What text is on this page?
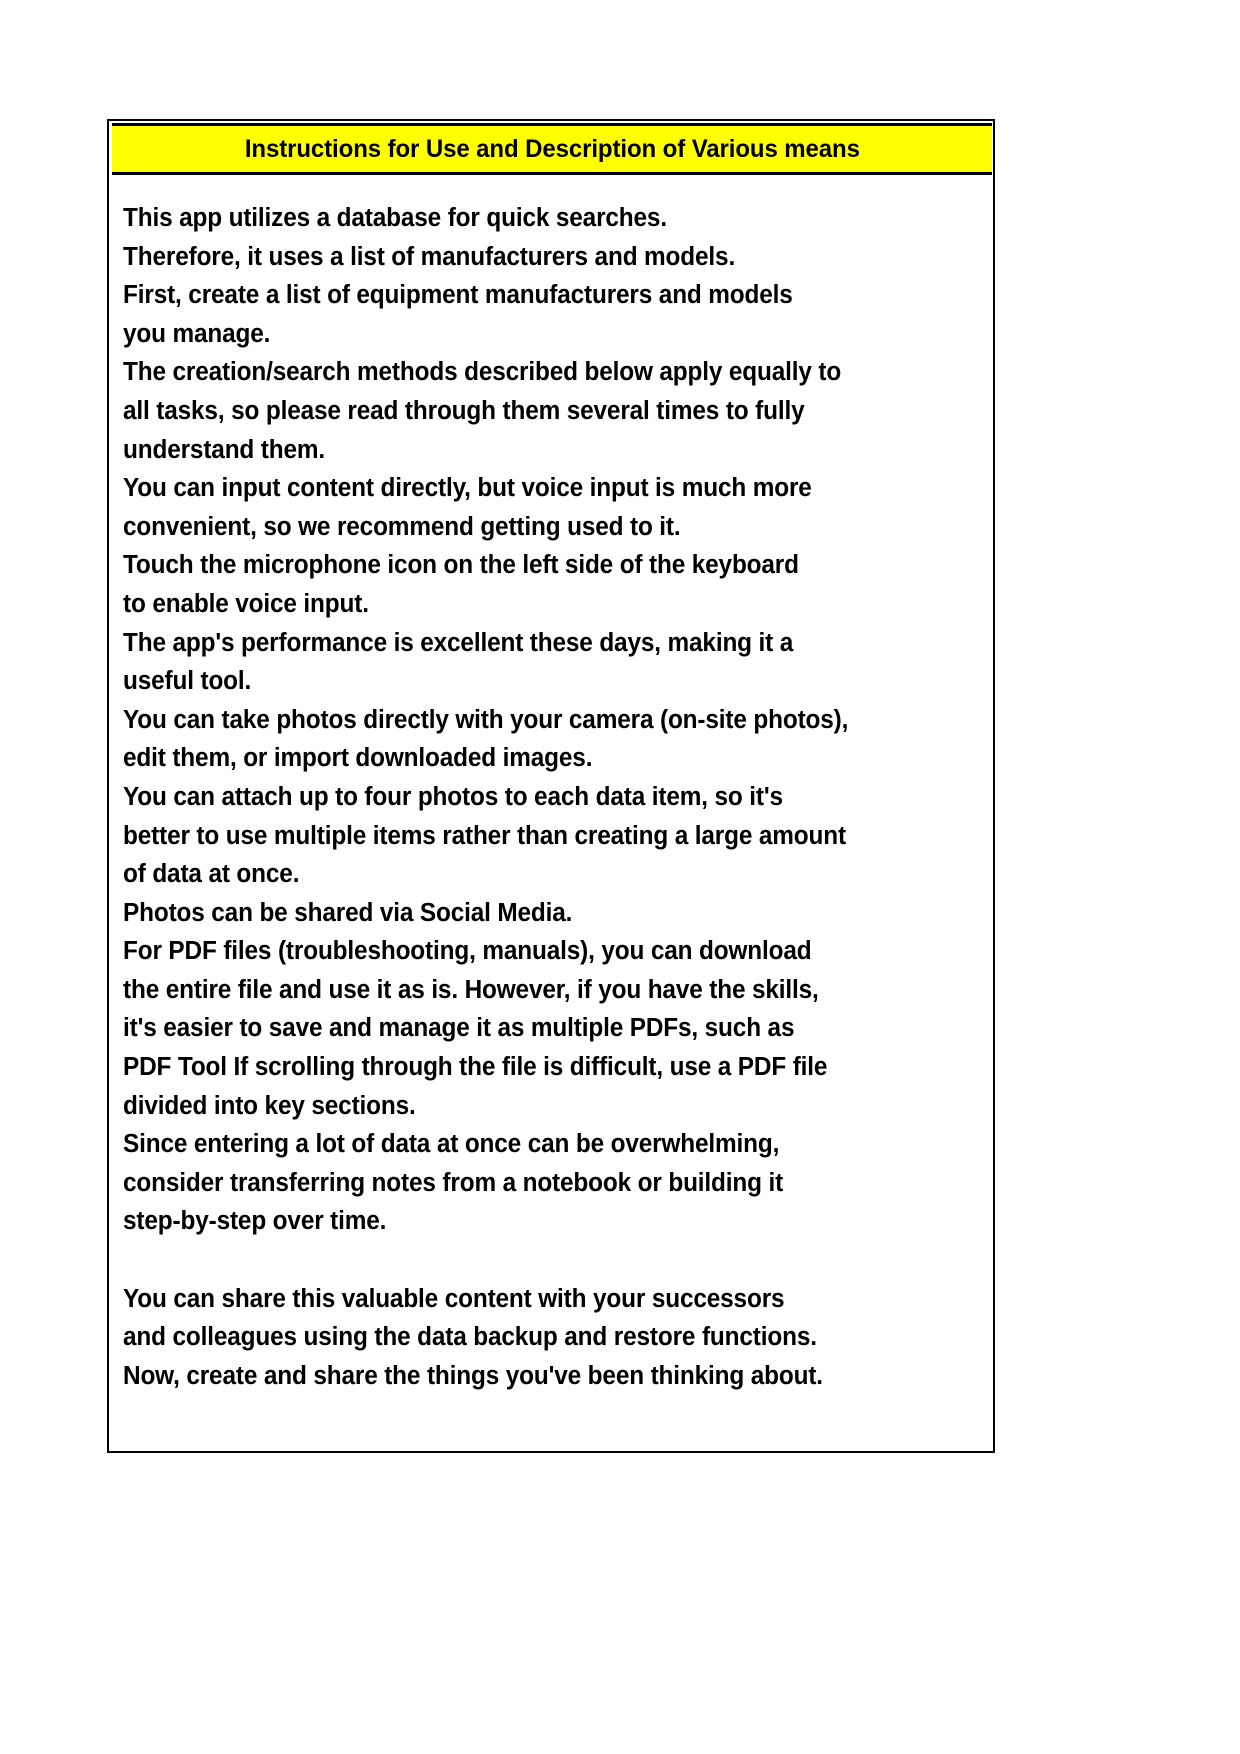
Instructions for Use and Description of Various means
This app utilizes a database for quick searches.
Therefore, it uses a list of manufacturers and models.
First, create a list of equipment manufacturers and models
you manage.
The creation/search methods described below apply equally to
all tasks, so please read through them several times to fully
understand them.
You can input content directly, but voice input is much more
convenient, so we recommend getting used to it.
Touch the microphone icon on the left side of the keyboard
to enable voice input.
The app's performance is excellent these days, making it a
useful tool.
You can take photos directly with your camera (on-site photos),
edit them, or import downloaded images.
You can attach up to four photos to each data item, so it's
better to use multiple items rather than creating a large amount
of data at once.
Photos can be shared via Social Media.
For PDF files (troubleshooting, manuals), you can download
the entire file and use it as is. However, if you have the skills,
it's easier to save and manage it as multiple PDFs, such as
PDF Tool If scrolling through the file is difficult, use a PDF file
divided into key sections.
Since entering a lot of data at once can be overwhelming,
consider transferring notes from a notebook or building it
step-by-step over time.

You can share this valuable content with your successors
and colleagues using the data backup and restore functions.
Now, create and share the things you've been thinking about.
